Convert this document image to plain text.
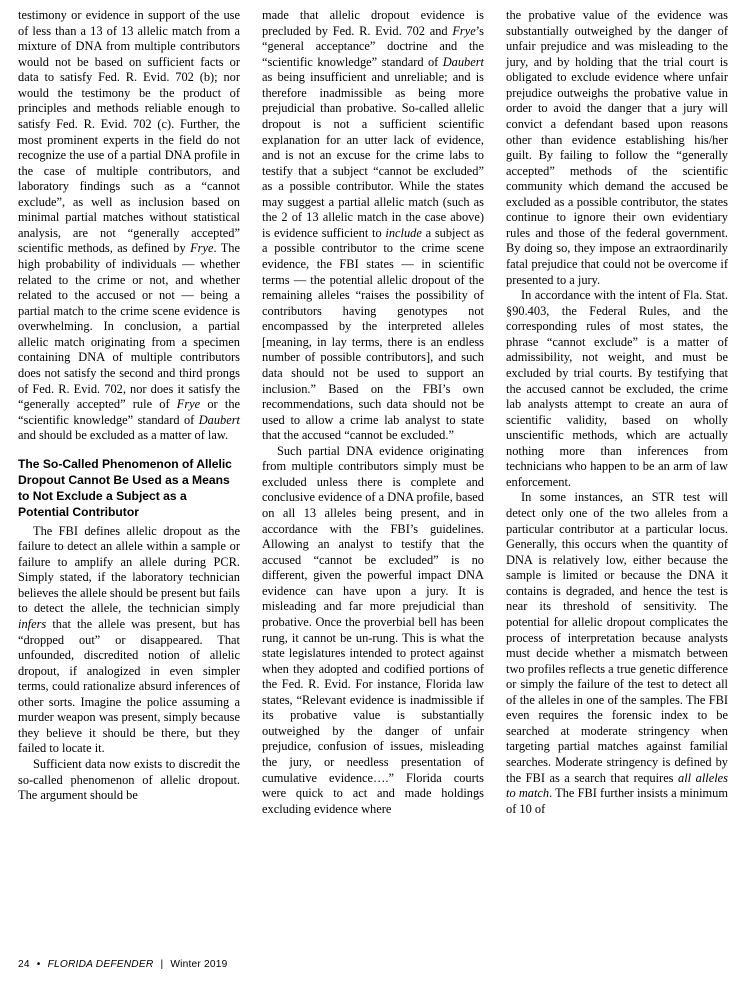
testimony or evidence in support of the use of less than a 13 of 13 allelic match from a mixture of DNA from multiple contributors would not be based on sufficient facts or data to satisfy Fed. R. Evid. 702 (b); nor would the testimony be the product of principles and methods reliable enough to satisfy Fed. R. Evid. 702 (c). Further, the most prominent experts in the field do not recognize the use of a partial DNA profile in the case of multiple contributors, and laboratory findings such as a “cannot exclude”, as well as inclusion based on minimal partial matches without statistical analysis, are not “generally accepted” scientific methods, as defined by Frye. The high probability of individuals — whether related to the crime or not, and whether related to the accused or not — being a partial match to the crime scene evidence is overwhelming. In conclusion, a partial allelic match originating from a specimen containing DNA of multiple contributors does not satisfy the second and third prongs of Fed. R. Evid. 702, nor does it satisfy the “generally accepted” rule of Frye or the “scientific knowledge” standard of Daubert and should be excluded as a matter of law.

The So-Called Phenomenon of Allelic Dropout Cannot Be Used as a Means to Not Exclude a Subject as a Potential Contributor

The FBI defines allelic dropout as the failure to detect an allele within a sample or failure to amplify an allele during PCR. Simply stated, if the laboratory technician believes the allele should be present but fails to detect the allele, the technician simply infers that the allele was present, but has “dropped out” or disappeared. That unfounded, discredited notion of allelic dropout, if analogized in even simpler terms, could rationalize absurd inferences of other sorts. Imagine the police assuming a murder weapon was present, simply because they believe it should be there, but they failed to locate it.

Sufficient data now exists to discredit the so-called phenomenon of allelic dropout. The argument should be

made that allelic dropout evidence is precluded by Fed. R. Evid. 702 and Frye’s “general acceptance” doctrine and the “scientific knowledge” standard of Daubert as being insufficient and unreliable; and is therefore inadmissible as being more prejudicial than probative. So-called allelic dropout is not a sufficient scientific explanation for an utter lack of evidence, and is not an excuse for the crime labs to testify that a subject “cannot be excluded” as a possible contributor. While the states may suggest a partial allelic match (such as the 2 of 13 allelic match in the case above) is evidence sufficient to include a subject as a possible contributor to the crime scene evidence, the FBI states — in scientific terms — the potential allelic dropout of the remaining alleles “raises the possibility of contributors having genotypes not encompassed by the interpreted alleles [meaning, in lay terms, there is an endless number of possible contributors], and such data should not be used to support an inclusion.” Based on the FBI’s own recommendations, such data should not be used to allow a crime lab analyst to state that the accused “cannot be excluded.”

Such partial DNA evidence originating from multiple contributors simply must be excluded unless there is complete and conclusive evidence of a DNA profile, based on all 13 alleles being present, and in accordance with the FBI’s guidelines. Allowing an analyst to testify that the accused “cannot be excluded” is no different, given the powerful impact DNA evidence can have upon a jury. It is misleading and far more prejudicial than probative. Once the proverbial bell has been rung, it cannot be un-rung. This is what the state legislatures intended to protect against when they adopted and codified portions of the Fed. R. Evid. For instance, Florida law states, “Relevant evidence is inadmissible if its probative value is substantially outweighed by the danger of unfair prejudice, confusion of issues, misleading the jury, or needless presentation of cumulative evidence….” Florida courts were quick to act and made holdings excluding evidence where

the probative value of the evidence was substantially outweighed by the danger of unfair prejudice and was misleading to the jury, and by holding that the trial court is obligated to exclude evidence where unfair prejudice outweighs the probative value in order to avoid the danger that a jury will convict a defendant based upon reasons other than evidence establishing his/her guilt. By failing to follow the “generally accepted” methods of the scientific community which demand the accused be excluded as a possible contributor, the states continue to ignore their own evidentiary rules and those of the federal government. By doing so, they impose an extraordinarily fatal prejudice that could not be overcome if presented to a jury.

In accordance with the intent of Fla. Stat. §90.403, the Federal Rules, and the corresponding rules of most states, the phrase “cannot exclude” is a matter of admissibility, not weight, and must be excluded by trial courts. By testifying that the accused cannot be excluded, the crime lab analysts attempt to create an aura of scientific validity, based on wholly unscientific methods, which are actually nothing more than inferences from technicians who happen to be an arm of law enforcement.

In some instances, an STR test will detect only one of the two alleles from a particular contributor at a particular locus. Generally, this occurs when the quantity of DNA is relatively low, either because the sample is limited or because the DNA it contains is degraded, and hence the test is near its threshold of sensitivity. The potential for allelic dropout complicates the process of interpretation because analysts must decide whether a mismatch between two profiles reflects a true genetic difference or simply the failure of the test to detect all of the alleles in one of the samples. The FBI even requires the forensic index to be searched at moderate stringency when targeting partial matches against familial searches. Moderate stringency is defined by the FBI as a search that requires all alleles to match. The FBI further insists a minimum of 10 of

24 • FLORIDA DEFENDER | Winter 2019
